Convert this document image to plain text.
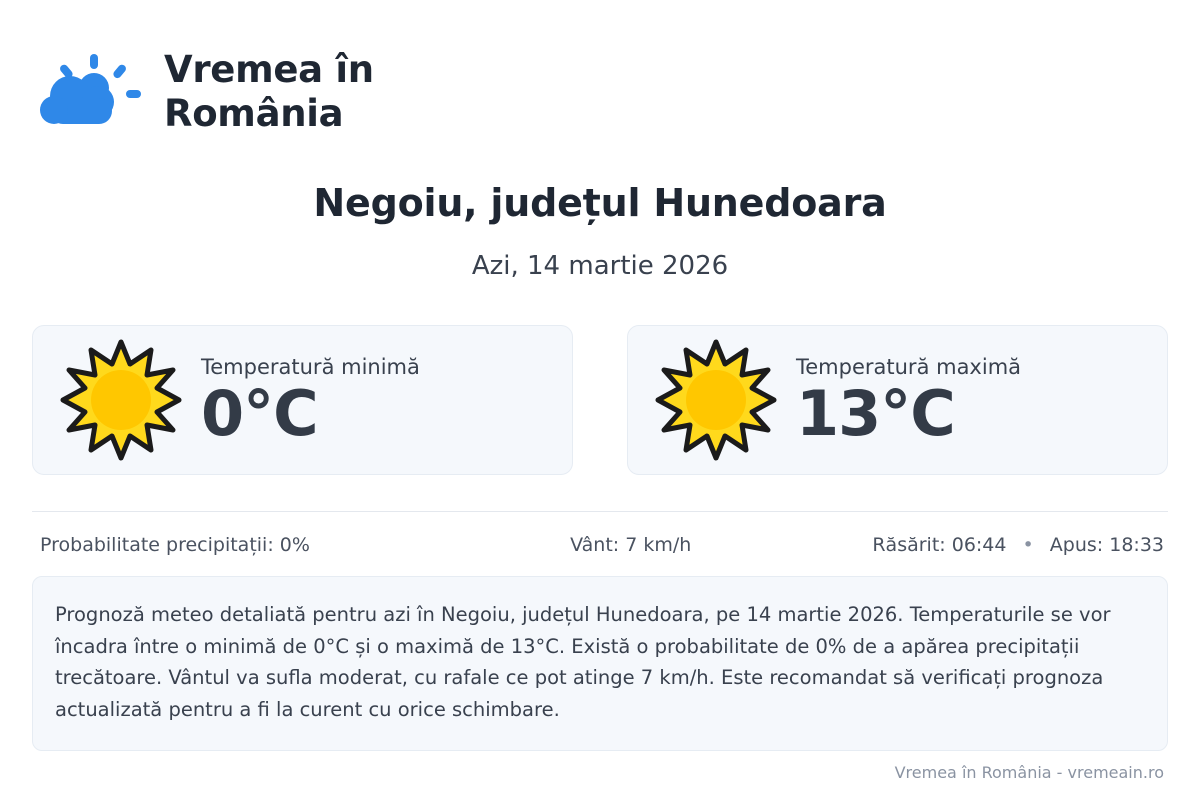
Vremea în
România
Negoiu, județul Hunedoara
Azi, 14 martie 2026
Temperatură minimă
0°C
Temperatură maximă
13°C
Probabilitate precipitații: 0%	Vânt: 7 km/h	Răsărit: 06:44 • Apus: 18:33
Prognoză meteo detaliată pentru azi în Negoiu, județul Hunedoara, pe 14 martie 2026. Temperaturile se vor încadra între o minimă de 0°C și o maximă de 13°C. Există o probabilitate de 0% de a apărea precipitații trecătoare. Vântul va sufla moderat, cu rafale ce pot atinge 7 km/h. Este recomandat să verificați prognoza actualizată pentru a fi la curent cu orice schimbare.
Vremea în România - vremeain.ro
